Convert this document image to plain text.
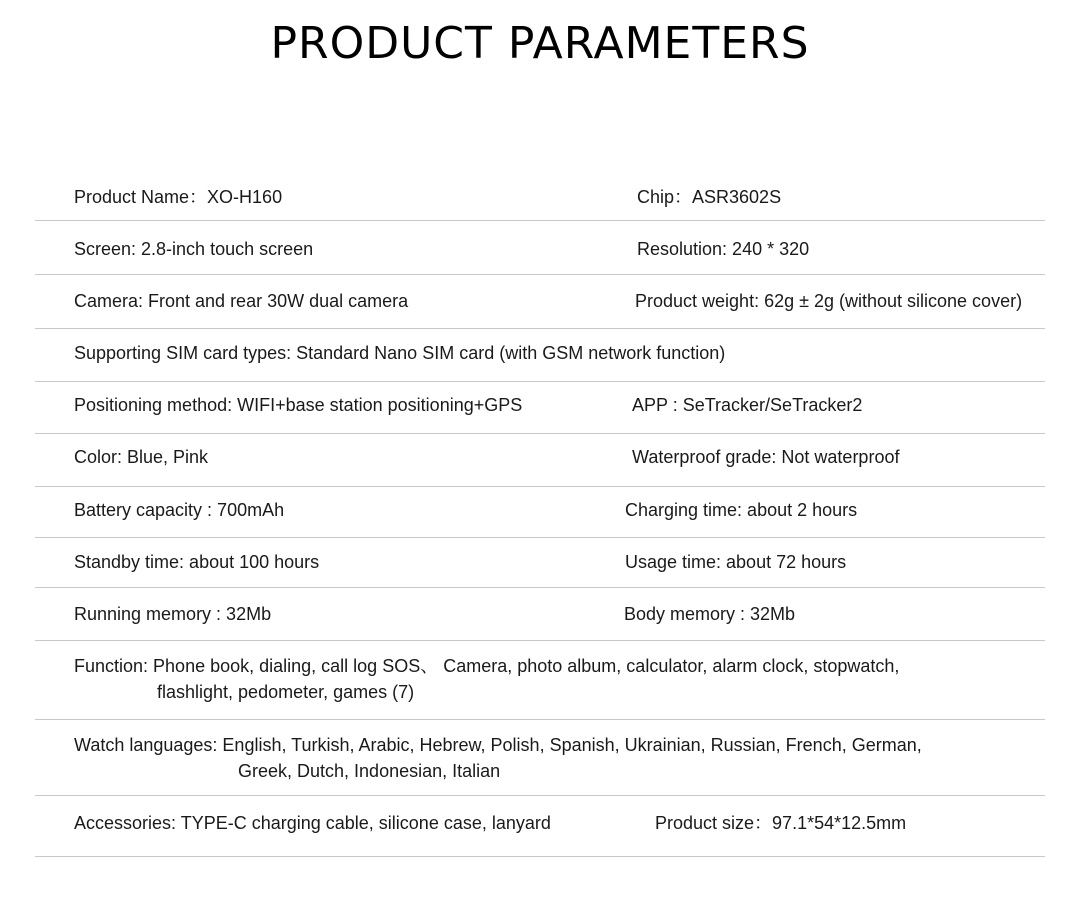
PRODUCT PARAMETERS
Product Name：XO-H160	Chip：ASR3602S
Screen: 2.8-inch touch screen	Resolution: 240 * 320
Camera: Front and rear 30W dual camera	Product weight: 62g ± 2g (without silicone cover)
Supporting SIM card types: Standard Nano SIM card (with GSM network function)
Positioning method: WIFI+base station positioning+GPS	APP : SeTracker/SeTracker2
Color: Blue, Pink	Waterproof grade: Not waterproof
Battery capacity : 700mAh	Charging time: about 2 hours
Standby time: about 100 hours	Usage time: about 72 hours
Running memory : 32Mb	Body memory : 32Mb
Function: Phone book, dialing, call log SOS、 Camera, photo album, calculator, alarm clock, stopwatch,
flashlight, pedometer, games (7)
Watch languages: English, Turkish, Arabic, Hebrew, Polish, Spanish, Ukrainian, Russian, French, German,
Greek, Dutch, Indonesian, Italian
Accessories: TYPE-C charging cable, silicone case, lanyard	Product size：97.1*54*12.5mm
